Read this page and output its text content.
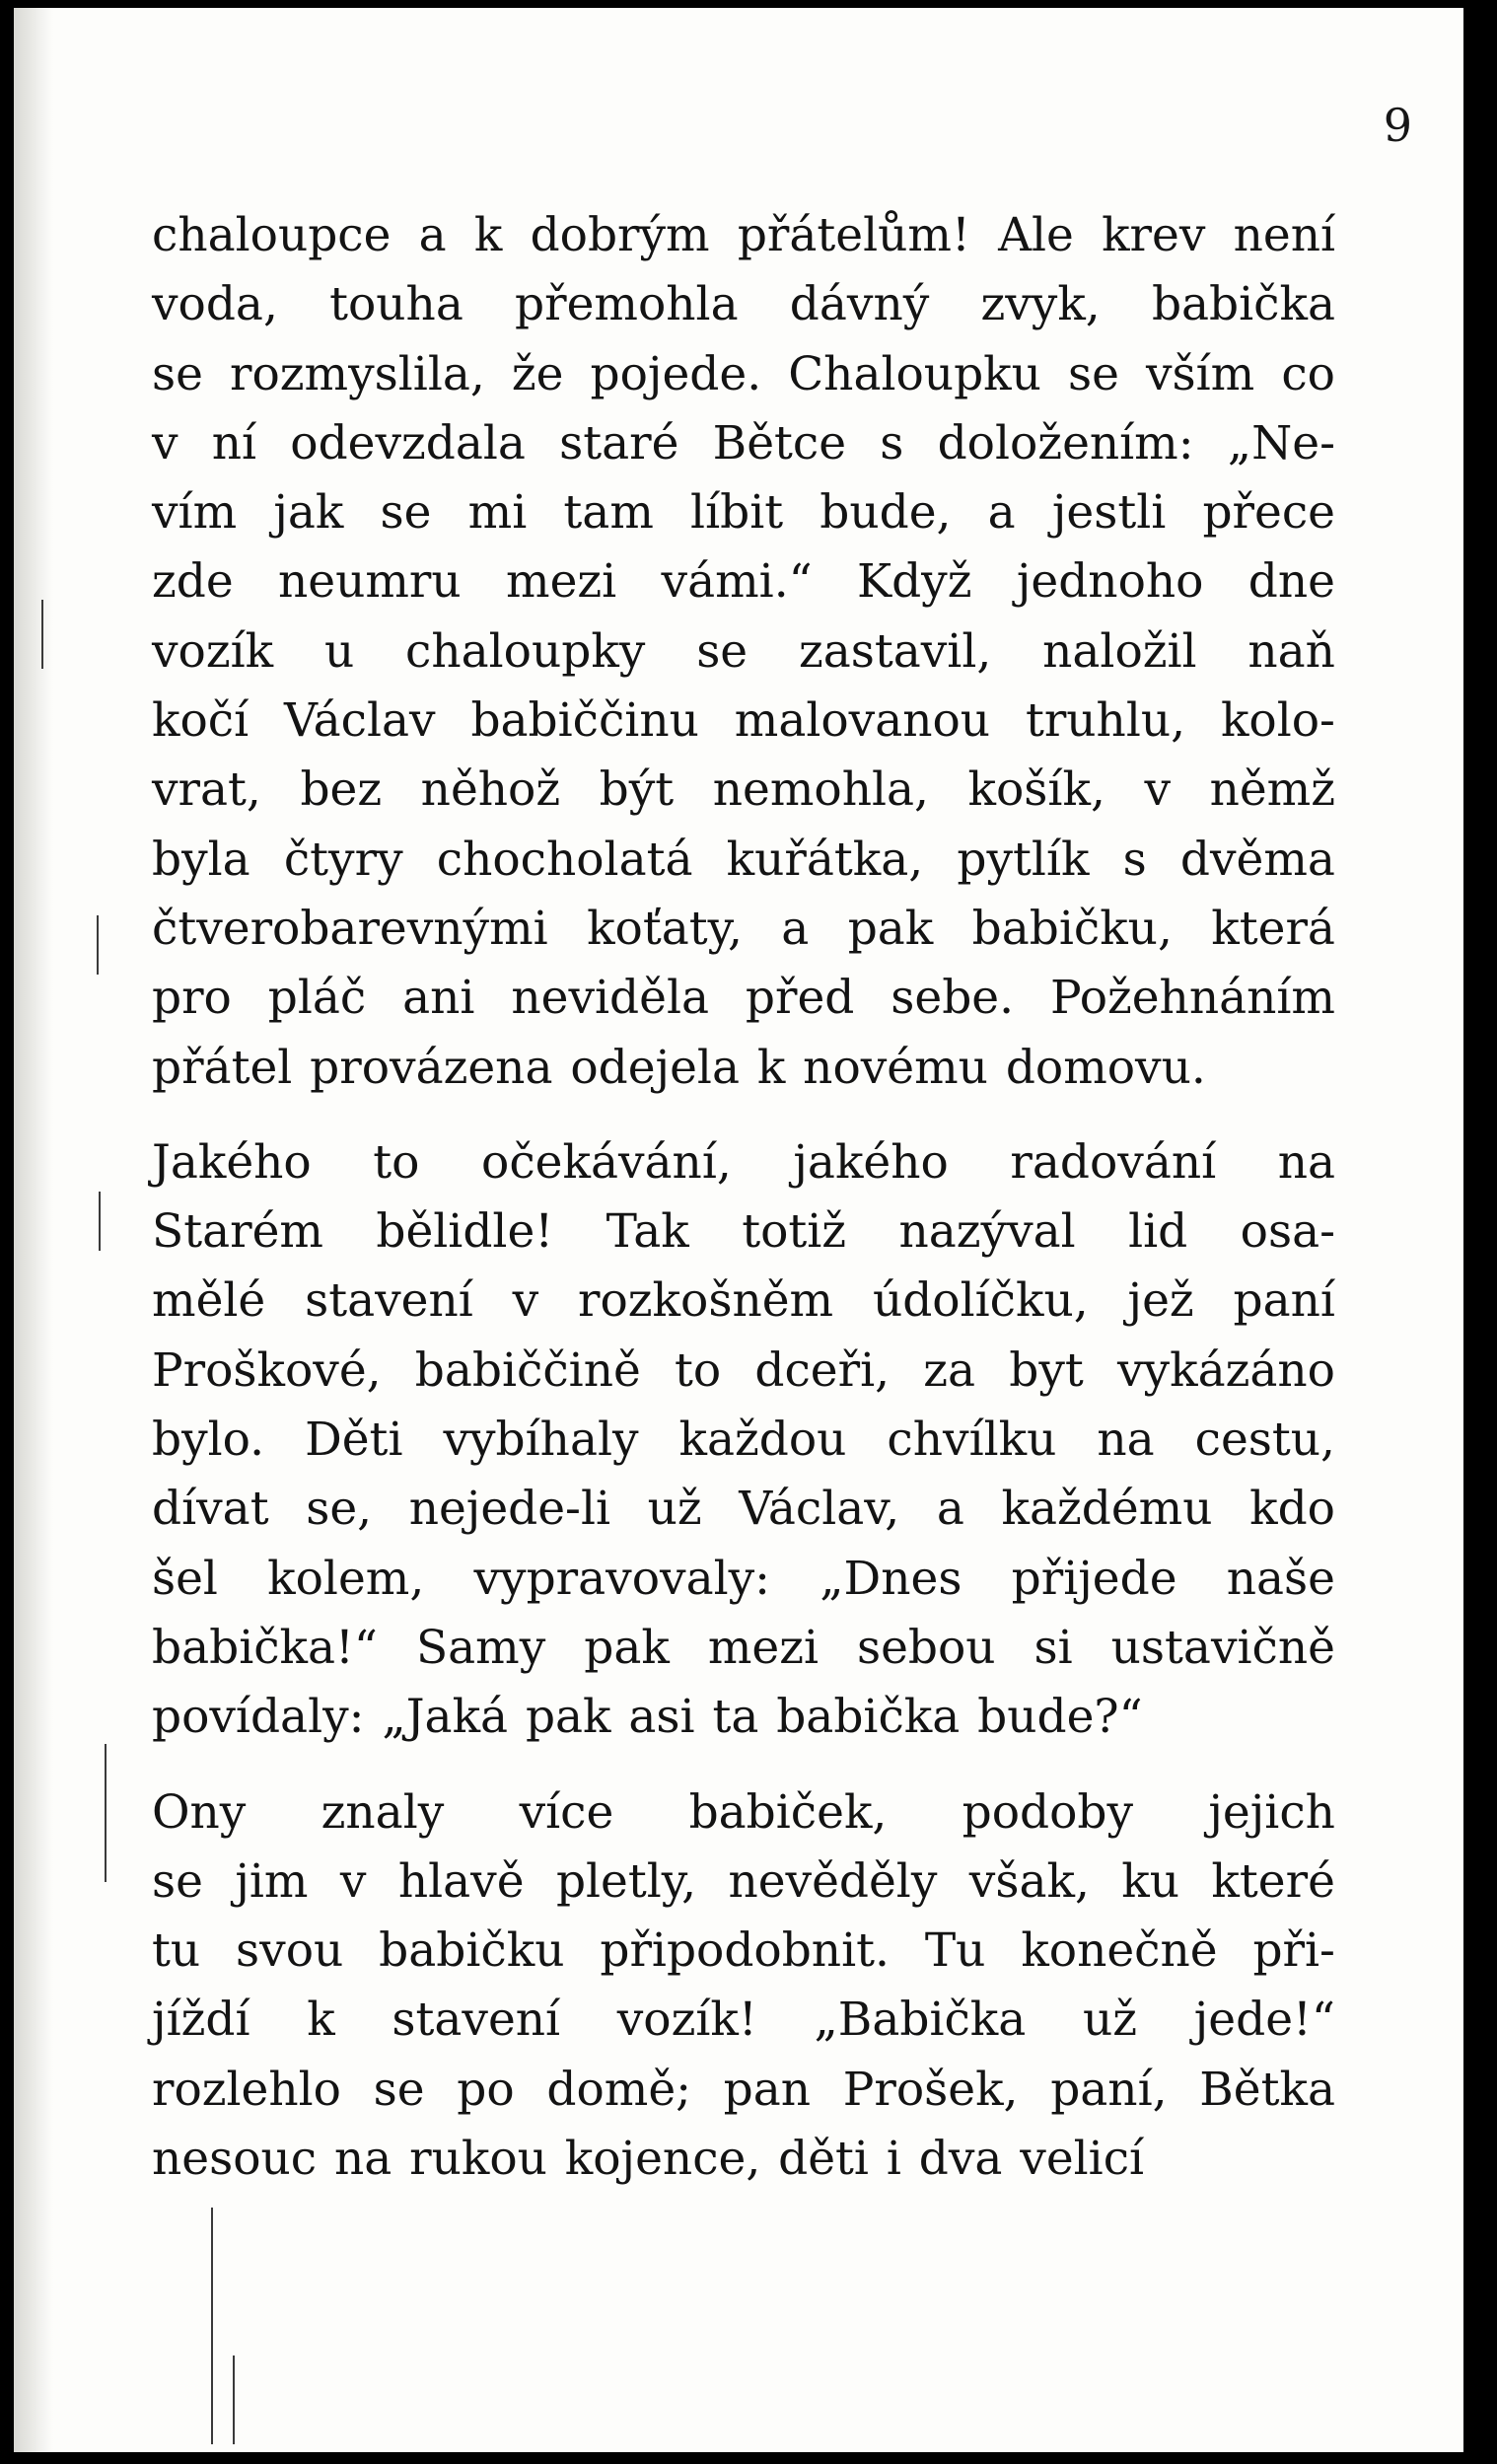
9
chaloupce a k dobrým přátelům! Ale krev není
voda, touha přemohla dávný zvyk, babička
se rozmyslila, že pojede. Chaloupku se vším co
v ní odevzdala staré Bětce s doložením: „Ne-
vím jak se mi tam líbit bude, a jestli přece
zde neumru mezi vámi.“ Když jednoho dne
vozík u chaloupky se zastavil, naložil naň
kočí Václav babiččinu malovanou truhlu, kolo-
vrat, bez něhož být nemohla, košík, v němž
byla čtyry chocholatá kuřátka, pytlík s dvěma
čtverobarevnými koťaty, a pak babičku, která
pro pláč ani neviděla před sebe. Požehnáním
přátel provázena odejela k novému domovu.
Jakého to očekávání, jakého radování na
Starém bělidle! Tak totiž nazýval lid osa-
mělé stavení v rozkošněm údolíčku, jež paní
Proškové, babiččině to dceři, za byt vykázáno
bylo. Děti vybíhaly každou chvílku na cestu,
dívat se, nejede-li už Václav, a každému kdo
šel kolem, vypravovaly: „Dnes přijede naše
babička!“ Samy pak mezi sebou si ustavičně
povídaly: „Jaká pak asi ta babička bude?“
Ony znaly více babiček, podoby jejich
se jim v hlavě pletly, nevěděly však, ku které
tu svou babičku připodobnit. Tu konečně při-
jíždí k stavení vozík! „Babička už jede!“
rozlehlo se po domě; pan Prošek, paní, Bětka
nesouc na rukou kojence, děti i dva velicí
